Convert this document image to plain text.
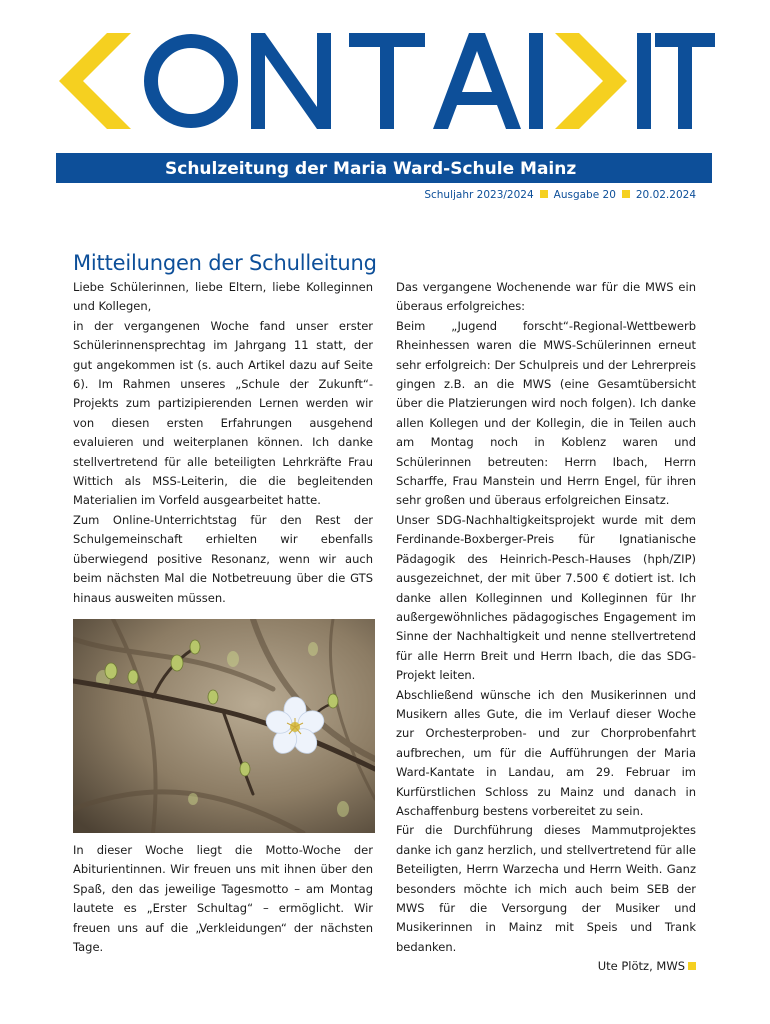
Schulzeitung der Maria Ward-Schule Mainz
Schuljahr 2023/2024 Ausgabe 20 20.02.2024
Mitteilungen der Schulleitung

Liebe Schülerinnen, liebe Eltern, liebe Kolleginnen und Kollegen,

in der vergangenen Woche fand unser erster Schülerinnensprechtag im Jahrgang 11 statt, der gut angekommen ist (s. auch Artikel dazu auf Seite 6). Im Rahmen unseres „Schule der Zukunft“-Projekts zum partizipierenden Lernen werden wir von diesen ersten Erfahrungen ausgehend evaluieren und weiterplanen können. Ich danke stellvertretend für alle beteiligten Lehrkräfte Frau Wittich als MSS-Leiterin, die die begleitenden Materialien im Vorfeld ausgearbeitet hatte.

Zum Online-Unterrichtstag für den Rest der Schulgemeinschaft erhielten wir ebenfalls überwiegend positive Resonanz, wenn wir auch beim nächsten Mal die Notbetreuung über die GTS hinaus ausweiten müssen.

In dieser Woche liegt die Motto-Woche der Abiturientinnen. Wir freuen uns mit ihnen über den Spaß, den das jeweilige Tagesmotto – am Montag lautete es „Erster Schultag“ – ermöglicht. Wir freuen uns auf die „Verkleidungen“ der nächsten Tage.

Das vergangene Wochenende war für die MWS ein überaus erfolgreiches:

Beim „Jugend forscht“-Regional-Wettbewerb Rheinhessen waren die MWS-Schülerinnen erneut sehr erfolgreich: Der Schulpreis und der Lehrerpreis gingen z.B. an die MWS (eine Gesamtübersicht über die Platzierungen wird noch folgen). Ich danke allen Kollegen und der Kollegin, die in Teilen auch am Montag noch in Koblenz waren und Schülerinnen betreuten: Herrn Ibach, Herrn Scharffe, Frau Manstein und Herrn Engel, für ihren sehr großen und überaus erfolgreichen Einsatz.

Unser SDG-Nachhaltigkeitsprojekt wurde mit dem Ferdinande-Boxberger-Preis für Ignatianische Pädagogik des Heinrich-Pesch-Hauses (hph/ZIP) ausgezeichnet, der mit über 7.500 € dotiert ist. Ich danke allen Kolleginnen und Kolleginnen für Ihr außergewöhnliches pädagogisches Engagement im Sinne der Nachhaltigkeit und nenne stellvertretend für alle Herrn Breit und Herrn Ibach, die das SDG-Projekt leiten.

Abschließend wünsche ich den Musikerinnen und Musikern alles Gute, die im Verlauf dieser Woche zur Orchesterproben- und zur Chorprobenfahrt aufbrechen, um für die Aufführungen der Maria Ward-Kantate in Landau, am 29. Februar im Kurfürstlichen Schloss zu Mainz und danach in Aschaffenburg bestens vorbereitet zu sein.

Für die Durchführung dieses Mammutprojektes danke ich ganz herzlich, und stellvertretend für alle Beteiligten, Herrn Warzecha und Herrn Weith. Ganz besonders möchte ich mich auch beim SEB der MWS für die Versorgung der Musiker und Musikerinnen in Mainz mit Speis und Trank bedanken.

Ute Plötz, MWS
